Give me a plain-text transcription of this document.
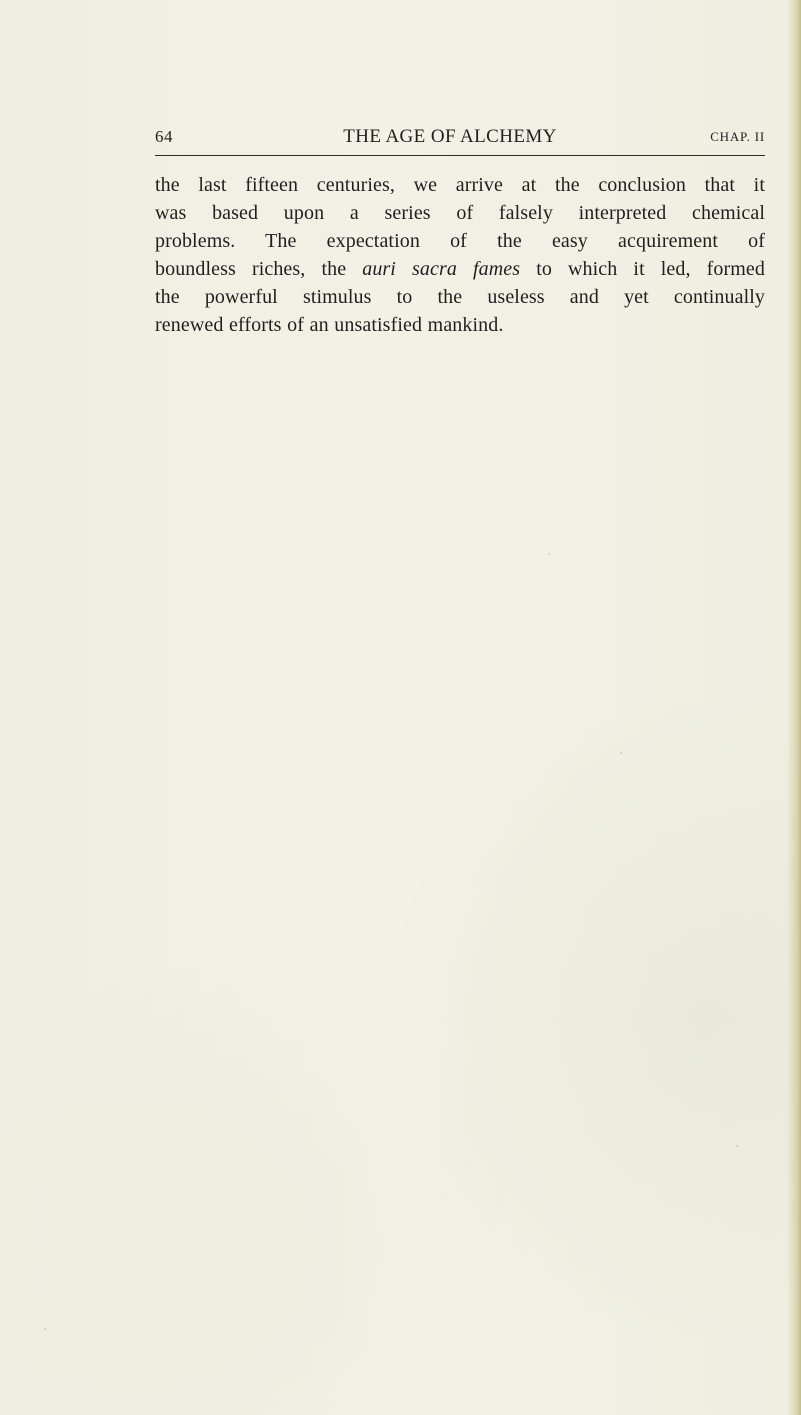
64	THE AGE OF ALCHEMY	CHAP. II
the last fifteen centuries, we arrive at the conclusion that it
was based upon a series of falsely interpreted chemical
problems. The expectation of the easy acquirement of
boundless riches, the auri sacra fames to which it led, formed
the powerful stimulus to the useless and yet continually
renewed efforts of an unsatisfied mankind.
